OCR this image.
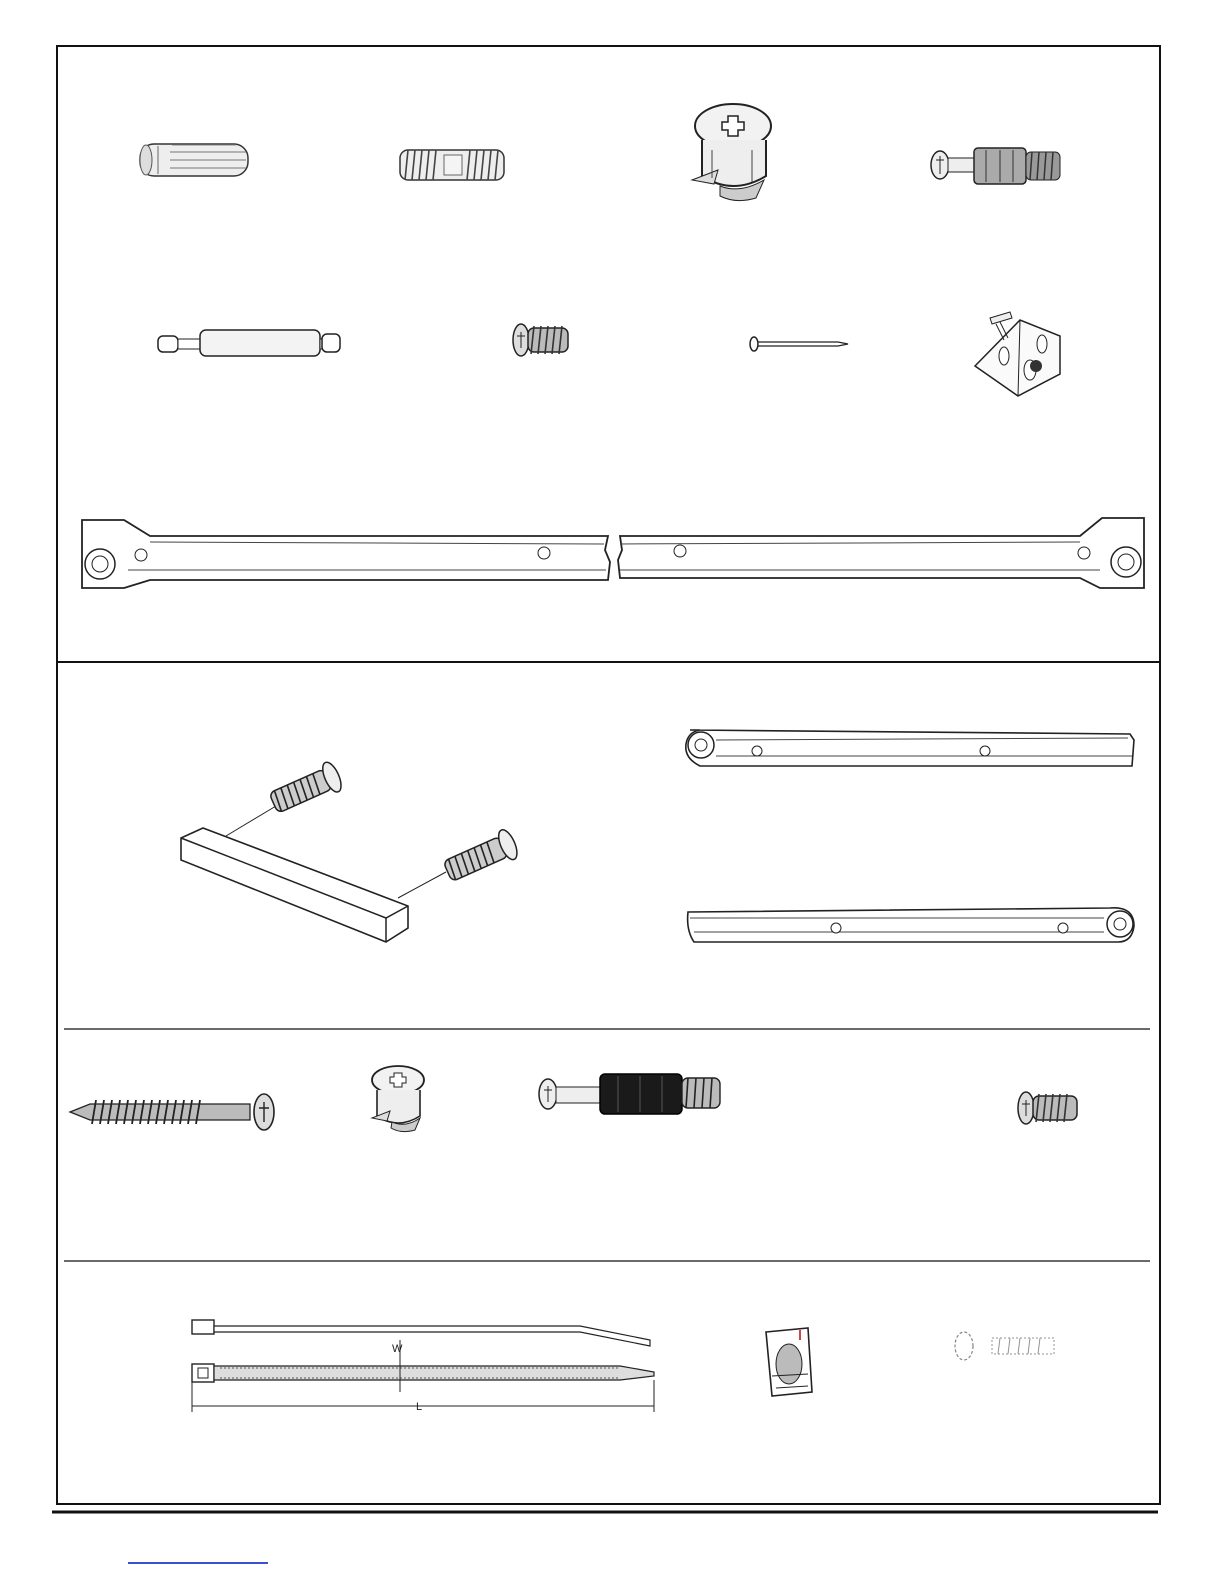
W
L
